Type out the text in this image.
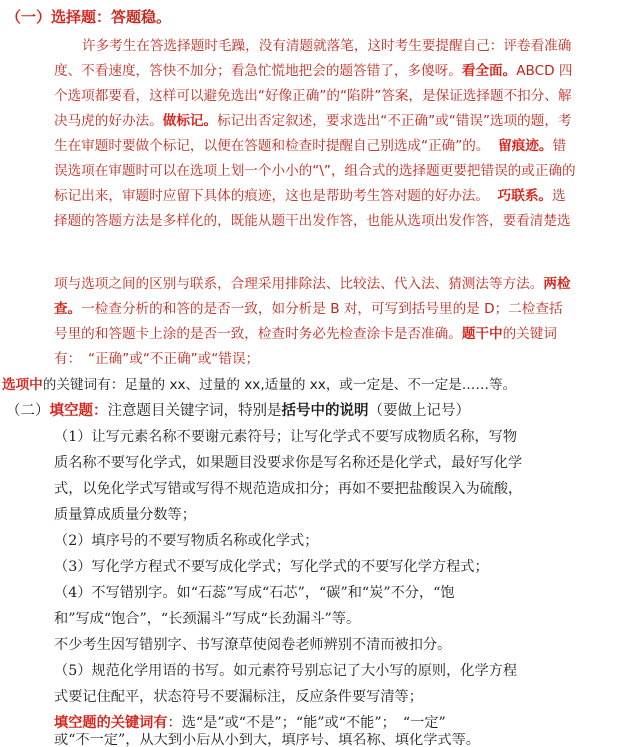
（一）选择题：答题稳。
许多考生在答选择题时毛躁，没有清题就落笔，这时考生要提醒自己：评卷看准确
度、不看速度，答快不加分；看急忙慌地把会的题答错了，多傻呀。看全面。ABCD 四
个选项都要看，这样可以避免选出“好像正确”的“陷阱”答案，是保证选择题不扣分、解
决马虎的好办法。做标记。标记出否定叙述，要求选出“不正确”或“错误”选项的题，考
生在审题时要做个标记，以便在答题和检查时提醒自己别选成“正确”的。 留痕迹。错
误选项在审题时可以在选项上划一个小小的“\”，组合式的选择题更要把错误的或正确的
标记出来，审题时应留下具体的痕迹，这也是帮助考生答对题的好办法。 巧联系。选
择题的答题方法是多样化的，既能从题干出发作答，也能从选项出发作答，要看清楚选
项与选项之间的区别与联系，合理采用排除法、比较法、代入法、猜测法等方法。两检
查。一检查分析的和答的是否一致，如分析是 B 对，可写到括号里的是 D；二检查括
号里的和答题卡上涂的是否一致，检查时务必先检查涂卡是否准确。题干中的关键词
有：　“正确”或“不正确”或“错误；
选项中的关键词有：足量的 xx、过量的 xx,适量的 xx，或一定是、不一定是……等。
（二）填空题：注意题目关键字词，特别是括号中的说明（要做上记号）
（1）让写元素名称不要谢元素符号；让写化学式不要写成物质名称，写物
质名称不要写化学式，如果题目没要求你是写名称还是化学式，最好写化学
式，以免化学式写错或写得不规范造成扣分；再如不要把盐酸误入为硫酸，
质量算成质量分数等；
（2）填序号的不要写物质名称或化学式；
（3）写化学方程式不要写成化学式；写化学式的不要写化学方程式；
（4）不写错别字。如“石蕊”写成“石芯”，“碳”和“炭”不分，“饱
和”写成“饱合”，“长颈漏斗”写成“长劲漏斗”等。
不少考生因写错别字、书写潦草使阅卷老师辨别不清而被扣分。
（5）规范化学用语的书写。如元素符号别忘记了大小写的原则，化学方程
式要记住配平，状态符号不要漏标注，反应条件要写清等；
填空题的关键词有：选“是”或“不是”；“能”或“不能”；　“一定”
或“不一定”，从大到小后从小到大，填序号、填名称、填化学式等。
